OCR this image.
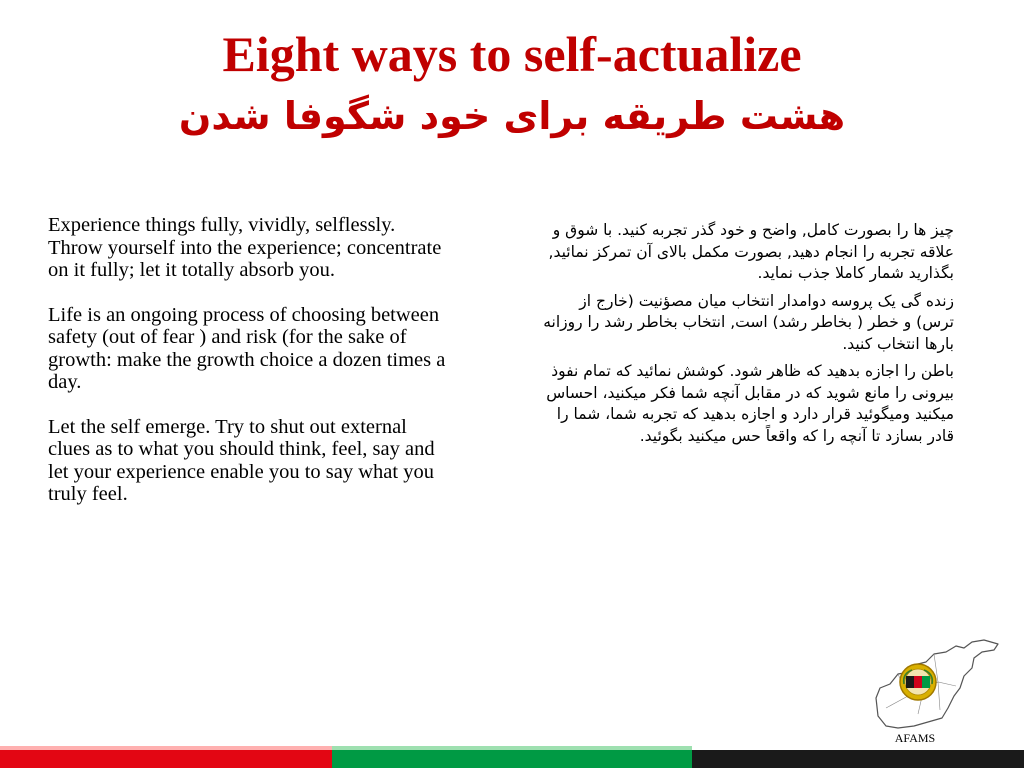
Eight ways to self-actualize
هشت طریقه برای خود شگوفا شدن

Experience things fully, vividly, selflessly. Throw yourself into the experience; concentrate on it fully; let it totally absorb you.

Life is an ongoing process of choosing between safety (out of fear ) and risk (for the sake of growth: make the growth choice a dozen times a day.

Let the self emerge. Try to shut out external clues as to what you should think, feel, say and let your experience enable you to say what you truly feel.

چیز ها را بصورت کامل, واضح و خود گذر تجربه کنید. با شوق و علاقه تجربه را انجام دهید, بصورت مکمل بالای آن تمرکز نمائید, بگذارید شمار کاملا جذب نماید.

زنده گی یک پروسه دوامدار انتخاب میان مصؤنیت (خارج از ترس) و خطر ( بخاطر رشد) است, انتخاب بخاطر رشد را روزانه بارها انتخاب کنید.

باطن را اجازه بدهید که ظاهر شود. کوشش نمائید که تمام نفوذ بیرونی را مانع شوید که در مقابل آنچه شما فکر میکنید، احساس میکنید ومیگوئید قرار دارد و اجازه بدهید که تجربه شما، شما را قادر بسازد تا آنچه را که واقعاً حس میکنید بگوئید.

AFAMS
